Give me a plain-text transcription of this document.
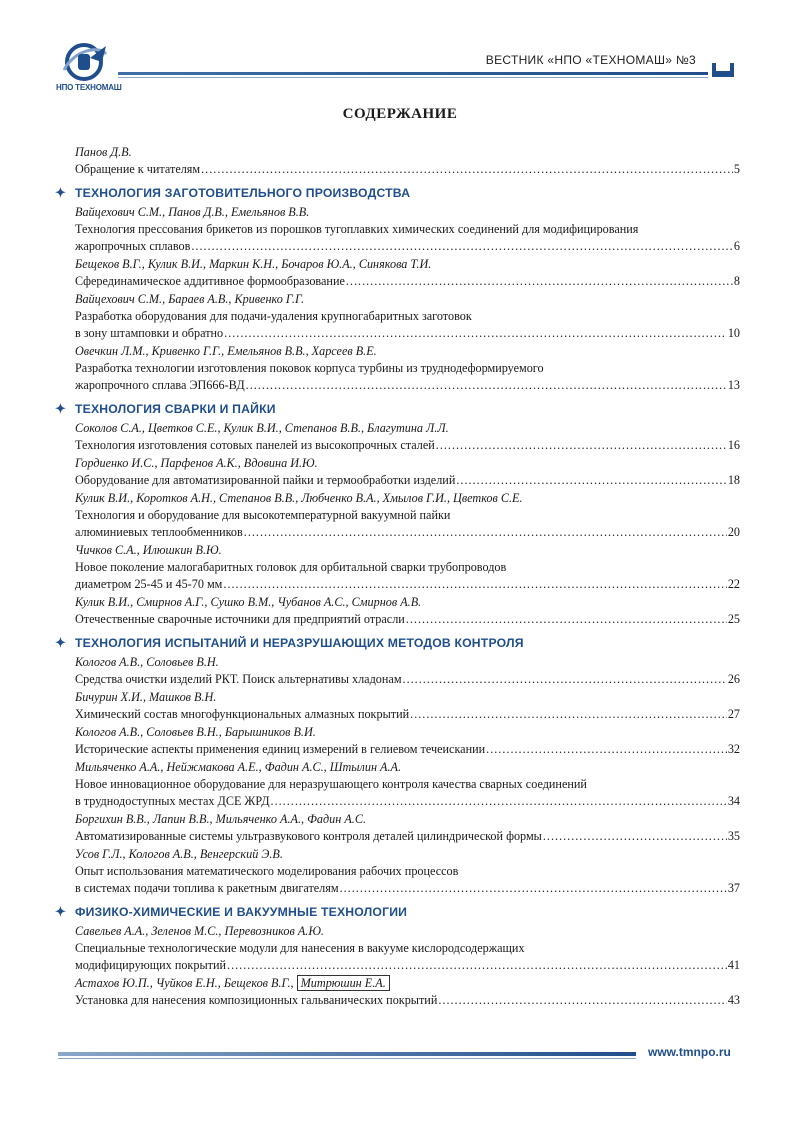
НПО ТЕХНОМАШ
ВЕСТНИК «НПО «ТЕХНОМАШ» №3
СОДЕРЖАНИЕ
Панов Д.В.
Обращение к читателям .....	5
✦ ТЕХНОЛОГИЯ ЗАГОТОВИТЕЛЬНОГО ПРОИЗВОДСТВА
Вайцехович С.М., Панов Д.В., Емельянов В.В.
Технология прессования брикетов из порошков тугоплавких химических соединений для модифицирования
жаропрочных сплавов .....	6
Бещеков В.Г., Кулик В.И., Маркин К.Н., Бочаров Ю.А., Синякова Т.И.
Сферединамическое аддитивное формообразование .....	8
Вайцехович С.М., Бараев А.В., Кривенко Г.Г.
Разработка оборудования для подачи-удаления крупногабаритных заготовок
в зону штамповки и обратно .....	10
Овечкин Л.М., Кривенко Г.Г., Емельянов В.В., Харсеев В.Е.
Разработка технологии изготовления поковок корпуса турбины из труднодеформируемого
жаропрочного сплава ЭП666-ВД .....	13
✦ ТЕХНОЛОГИЯ СВАРКИ И ПАЙКИ
Соколов С.А., Цветков С.Е., Кулик В.И., Степанов В.В., Благутина Л.Л.
Технология изготовления сотовых панелей из высокопрочных сталей .....	16
Гордиенко И.С., Парфенов А.К., Вдовина И.Ю.
Оборудование для автоматизированной пайки и термообработки изделий .....	18
Кулик В.И., Коротков А.Н., Степанов В.В., Любченко В.А., Хмылов Г.И., Цветков С.Е.
Технология и оборудование для высокотемпературной вакуумной пайки
алюминиевых теплообменников .....	20
Чичков С.А., Илюшкин В.Ю.
Новое поколение малогабаритных головок для орбитальной сварки трубопроводов
диаметром 25-45 и 45-70 мм .....	22
Кулик В.И., Смирнов А.Г., Сушко В.М., Чубанов А.С., Смирнов А.В.
Отечественные сварочные источники для предприятий отрасли .....	25
✦ ТЕХНОЛОГИЯ ИСПЫТАНИЙ И НЕРАЗРУШАЮЩИХ МЕТОДОВ КОНТРОЛЯ
Кологов А.В., Соловьев В.Н.
Средства очистки изделий РКТ. Поиск альтернативы хладонам .....	26
Бичурин Х.И., Машков В.Н.
Химический состав многофункциональных алмазных покрытий .....	27
Кологов А.В., Соловьев В.Н., Барышников В.И.
Исторические аспекты применения единиц измерений в гелиевом течеискании .....	32
Мильяченко А.А., Нейжмакова А.Е., Фадин А.С., Штылин А.А.
Новое инновационное оборудование для неразрушающего контроля качества сварных соединений
в труднодоступных местах ДСЕ ЖРД .....	34
Боргихин В.В., Лапин В.В., Мильяченко А.А., Фадин А.С.
Автоматизированные системы ультразвукового контроля деталей цилиндрической формы .....	35
Усов Г.Л., Кологов А.В., Венгерский Э.В.
Опыт использования математического моделирования рабочих процессов
в системах подачи топлива к ракетным двигателям .....	37
✦ ФИЗИКО-ХИМИЧЕСКИЕ И ВАКУУМНЫЕ ТЕХНОЛОГИИ
Савельев А.А., Зеленов М.С., Перевозников А.Ю.
Специальные технологические модули для нанесения в вакууме кислородсодержащих
модифицирующих покрытий .....	41
Астахов Ю.П., Чуйков Е.Н., Бещеков В.Г., Митрюшин Е.А.
Установка для нанесения композиционных гальванических покрытий .....	43
www.tmnpo.ru
